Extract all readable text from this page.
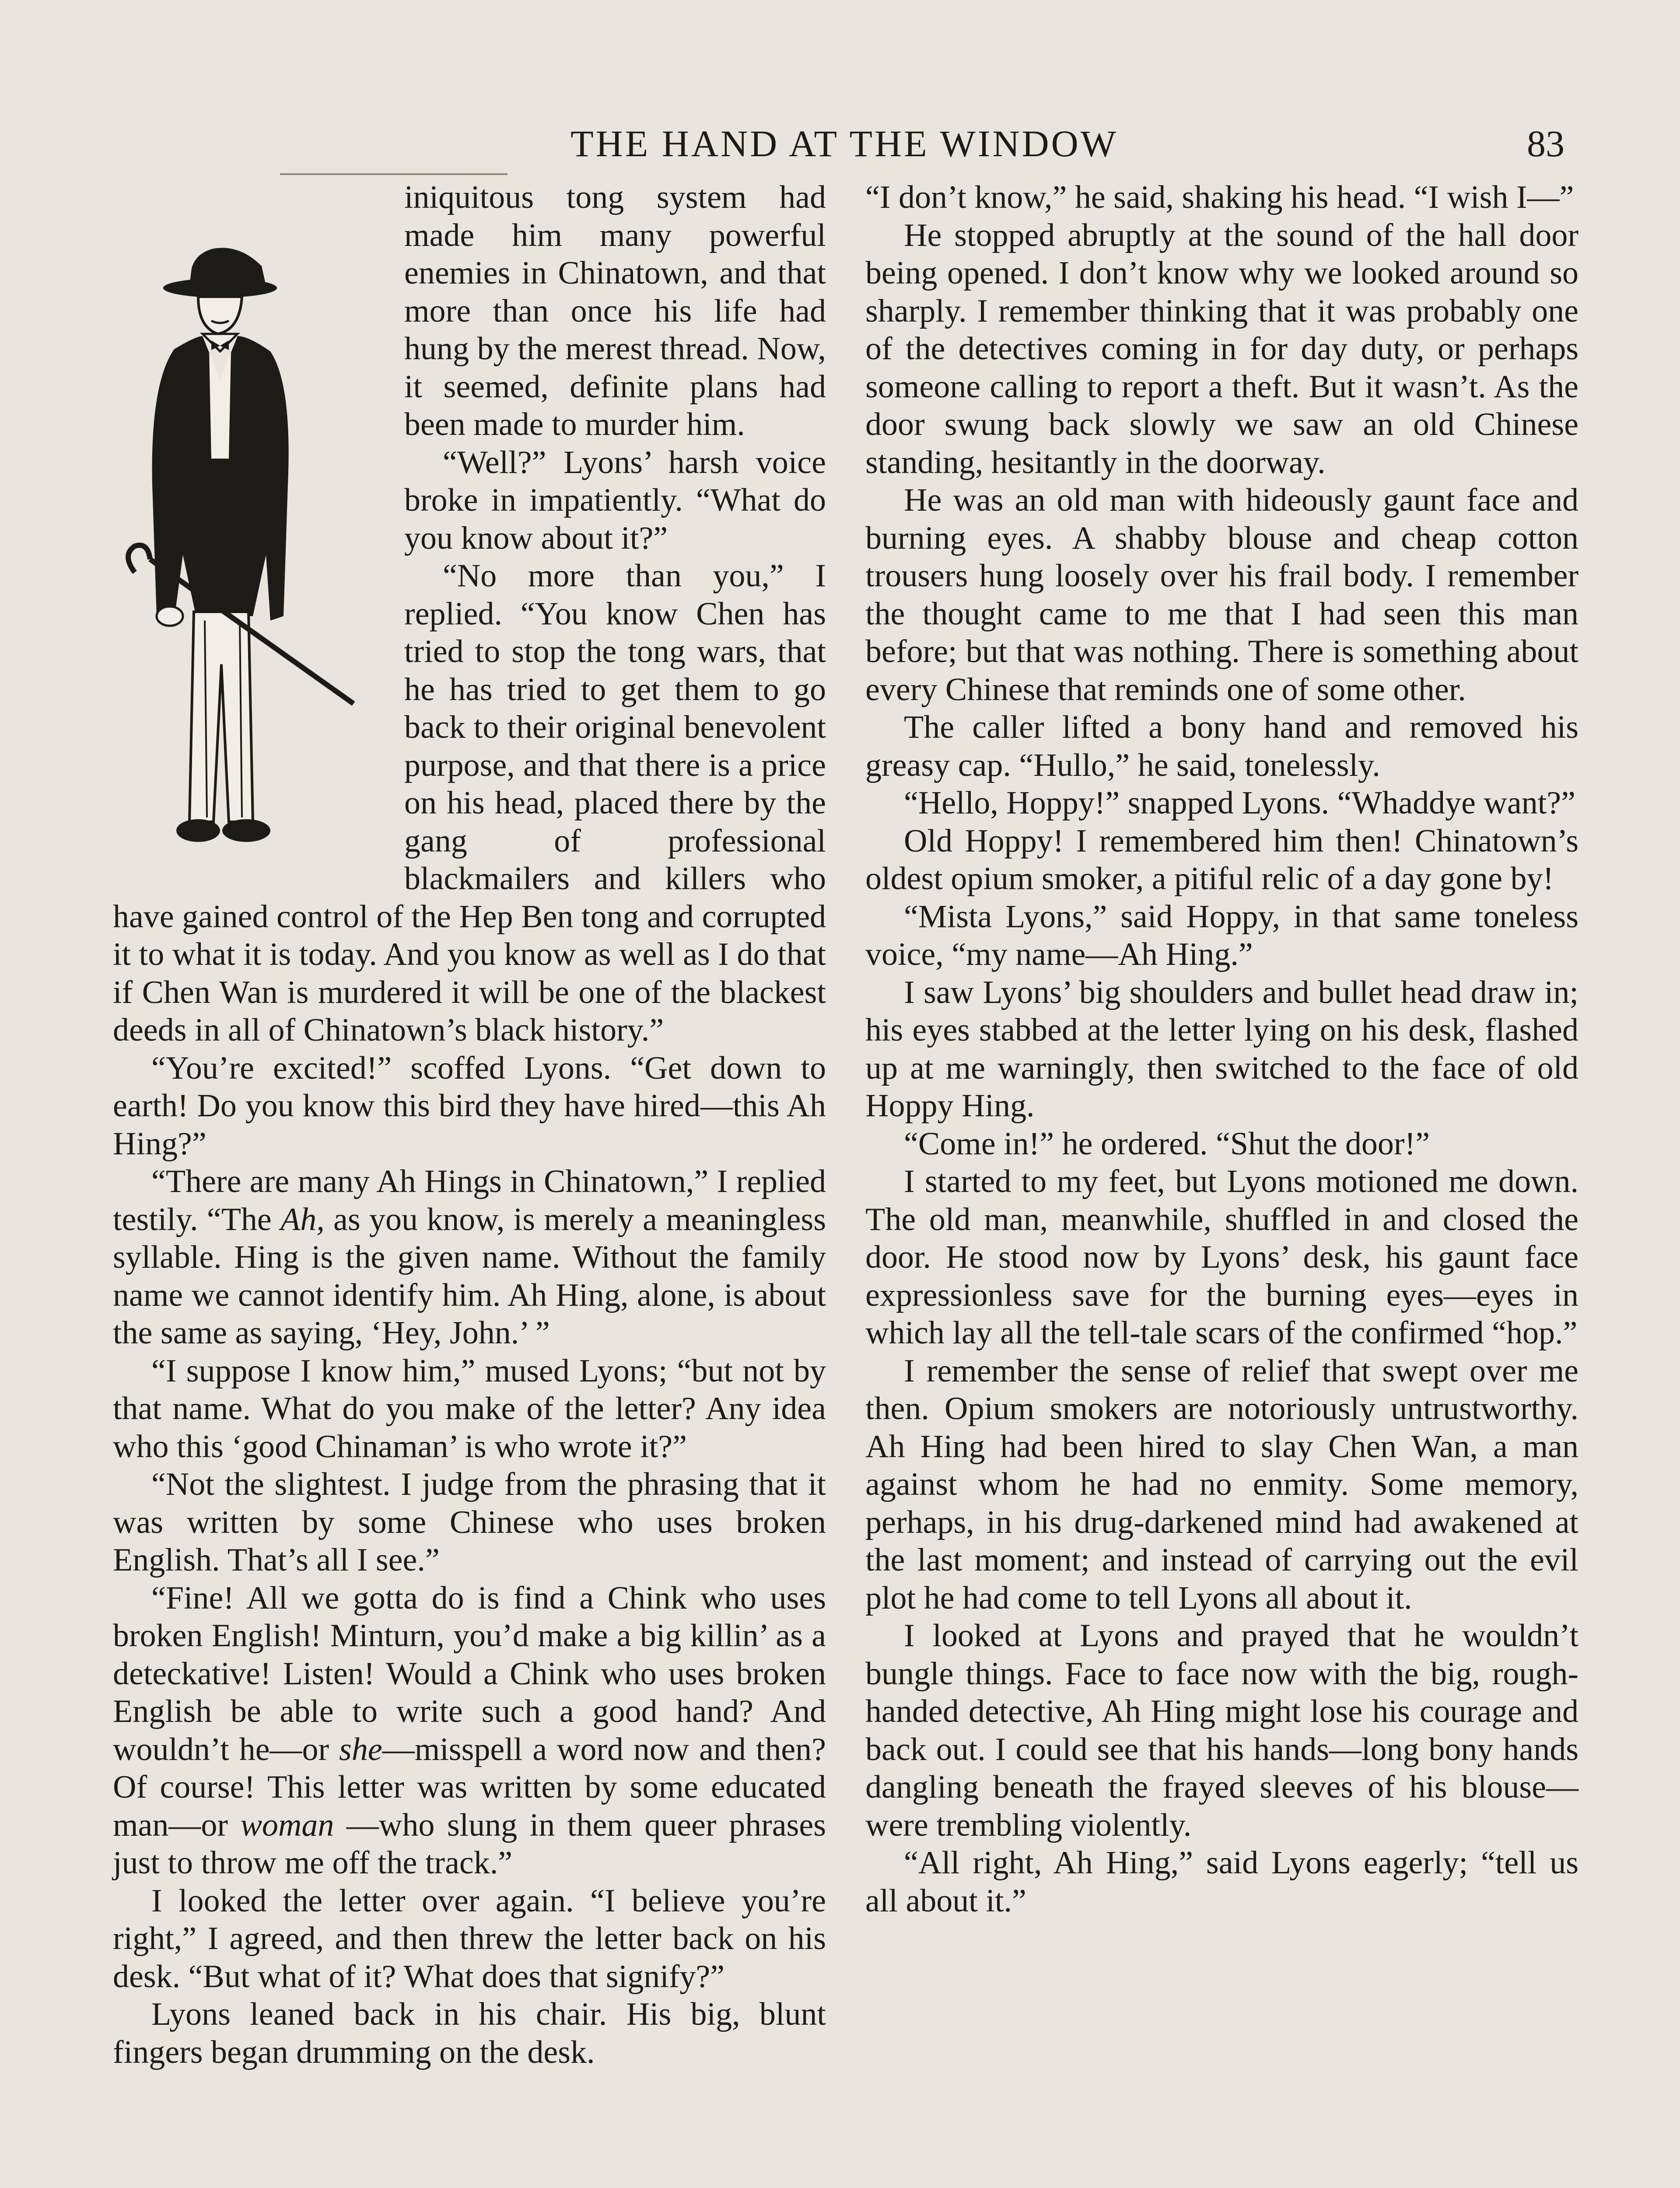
THE HAND AT THE WINDOW	83

iniquitous tong system had made him many powerful enemies in Chinatown, and that more than once his life had hung by the merest thread. Now, it seemed, definite plans had been made to murder him.

“Well?” Lyons’ harsh voice broke in impatiently. “What do you know about it?”

“No more than you,” I replied. “You know Chen has tried to stop the tong wars, that he has tried to get them to go back to their original benevolent purpose, and that there is a price on his head, placed there by the gang of professional blackmailers and killers who have gained control of the Hep Ben tong and corrupted it to what it is today. And you know as well as I do that if Chen Wan is murdered it will be one of the blackest deeds in all of Chinatown’s black history.”

“You’re excited!” scoffed Lyons. “Get down to earth! Do you know this bird they have hired—this Ah Hing?”

“There are many Ah Hings in Chinatown,” I replied testily. “The Ah, as you know, is merely a meaningless syllable. Hing is the given name. Without the family name we cannot identify him. Ah Hing, alone, is about the same as saying, ‘Hey, John.’ ”

“I suppose I know him,” mused Lyons; “but not by that name. What do you make of the letter? Any idea who this ‘good Chinaman’ is who wrote it?”

“Not the slightest. I judge from the phrasing that it was written by some Chinese who uses broken English. That’s all I see.”

“Fine! All we gotta do is find a Chink who uses broken English! Minturn, you’d make a big killin’ as a deteckative! Listen! Would a Chink who uses broken English be able to write such a good hand? And wouldn’t he—or she—misspell a word now and then? Of course! This letter was written by some educated man—or woman —who slung in them queer phrases just to throw me off the track.”

I looked the letter over again. “I believe you’re right,” I agreed, and then threw the letter back on his desk. “But what of it? What does that signify?”

Lyons leaned back in his chair. His big, blunt fingers began drumming on the desk.

“I don’t know,” he said, shaking his head. “I wish I—”

He stopped abruptly at the sound of the hall door being opened. I don’t know why we looked around so sharply. I remember thinking that it was probably one of the detectives coming in for day duty, or perhaps someone calling to report a theft. But it wasn’t. As the door swung back slowly we saw an old Chinese standing, hesitantly in the doorway.

He was an old man with hideously gaunt face and burning eyes. A shabby blouse and cheap cotton trousers hung loosely over his frail body. I remember the thought came to me that I had seen this man before; but that was nothing. There is something about every Chinese that reminds one of some other.

The caller lifted a bony hand and removed his greasy cap. “Hullo,” he said, tonelessly.

“Hello, Hoppy!” snapped Lyons. “Whaddye want?”

Old Hoppy! I remembered him then! Chinatown’s oldest opium smoker, a pitiful relic of a day gone by!

“Mista Lyons,” said Hoppy, in that same toneless voice, “my name—Ah Hing.”

I saw Lyons’ big shoulders and bullet head draw in; his eyes stabbed at the letter lying on his desk, flashed up at me warningly, then switched to the face of old Hoppy Hing.

“Come in!” he ordered. “Shut the door!”

I started to my feet, but Lyons motioned me down. The old man, meanwhile, shuffled in and closed the door. He stood now by Lyons’ desk, his gaunt face expressionless save for the burning eyes—eyes in which lay all the tell-tale scars of the confirmed “hop.”

I remember the sense of relief that swept over me then. Opium smokers are notoriously untrustworthy. Ah Hing had been hired to slay Chen Wan, a man against whom he had no enmity. Some memory, perhaps, in his drug-darkened mind had awakened at the last moment; and instead of carrying out the evil plot he had come to tell Lyons all about it.

I looked at Lyons and prayed that he wouldn’t bungle things. Face to face now with the big, rough-handed detective, Ah Hing might lose his courage and back out. I could see that his hands—long bony hands dangling beneath the frayed sleeves of his blouse—were trembling violently.

“All right, Ah Hing,” said Lyons eagerly; “tell us all about it.”
